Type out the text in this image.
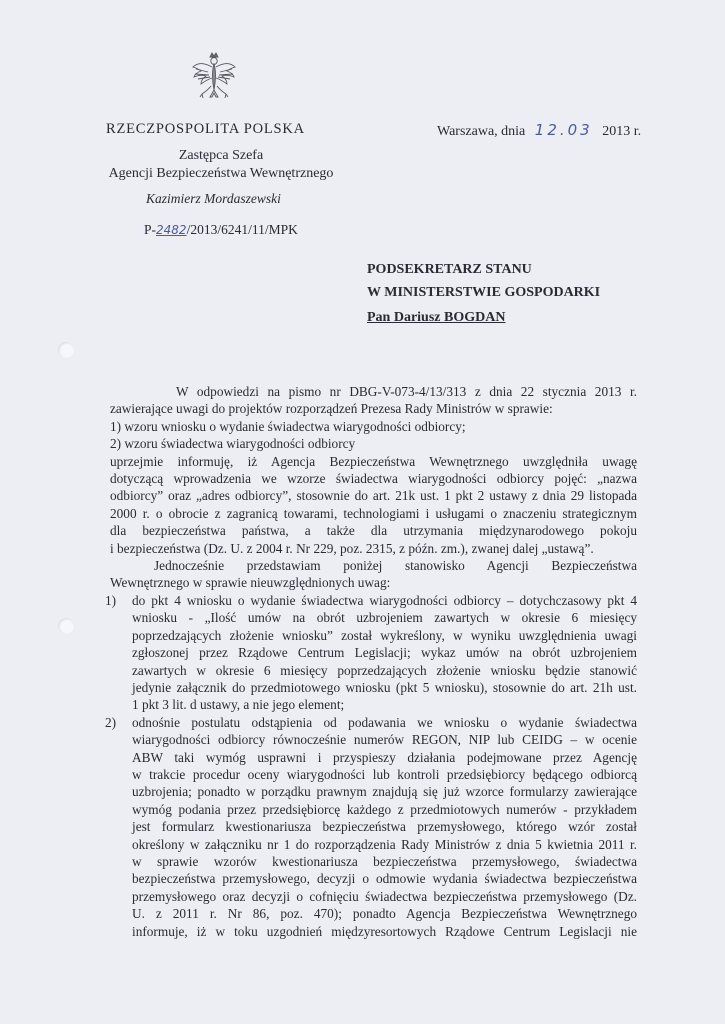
RZECZPOSPOLITA POLSKA	Warszawa, dnia 12.03 2013 r.
Zastępca Szefa
Agencji Bezpieczeństwa Wewnętrznego
Kazimierz Mordaszewski
P-2482/2013/6241/11/MPK
PODSEKRETARZ STANU
W MINISTERSTWIE GOSPODARKI
Pan Dariusz BOGDAN
W odpowiedzi na pismo nr DBG-V-073-4/13/313 z dnia 22 stycznia 2013 r.
zawierające uwagi do projektów rozporządzeń Prezesa Rady Ministrów w sprawie:
1) wzoru wniosku o wydanie świadectwa wiarygodności odbiorcy;
2) wzoru świadectwa wiarygodności odbiorcy
uprzejmie informuję, iż Agencja Bezpieczeństwa Wewnętrznego uwzględniła uwagę
dotyczącą wprowadzenia we wzorze świadectwa wiarygodności odbiorcy pojęć: „nazwa
odbiorcy” oraz „adres odbiorcy”, stosownie do art. 21k ust. 1 pkt 2 ustawy z dnia 29 listopada
2000 r. o obrocie z zagranicą towarami, technologiami i usługami o znaczeniu strategicznym
dla bezpieczeństwa państwa, a także dla utrzymania międzynarodowego pokoju
i bezpieczeństwa (Dz. U. z 2004 r. Nr 229, poz. 2315, z późn. zm.), zwanej dalej „ustawą”.
Jednocześnie przedstawiam poniżej stanowisko Agencji Bezpieczeństwa
Wewnętrznego w sprawie nieuwzględnionych uwag:
1) do pkt 4 wniosku o wydanie świadectwa wiarygodności odbiorcy – dotychczasowy pkt 4
wniosku - „Ilość umów na obrót uzbrojeniem zawartych w okresie 6 miesięcy
poprzedzających złożenie wniosku” został wykreślony, w wyniku uwzględnienia uwagi
zgłoszonej przez Rządowe Centrum Legislacji; wykaz umów na obrót uzbrojeniem
zawartych w okresie 6 miesięcy poprzedzających złożenie wniosku będzie stanowić
jedynie załącznik do przedmiotowego wniosku (pkt 5 wniosku), stosownie do art. 21h ust.
1 pkt 3 lit. d ustawy, a nie jego element;
2) odnośnie postulatu odstąpienia od podawania we wniosku o wydanie świadectwa
wiarygodności odbiorcy równocześnie numerów REGON, NIP lub CEIDG – w ocenie
ABW taki wymóg usprawni i przyspieszy działania podejmowane przez Agencję
w trakcie procedur oceny wiarygodności lub kontroli przedsiębiorcy będącego odbiorcą
uzbrojenia; ponadto w porządku prawnym znajdują się już wzorce formularzy zawierające
wymóg podania przez przedsiębiorcę każdego z przedmiotowych numerów - przykładem
jest formularz kwestionariusza bezpieczeństwa przemysłowego, którego wzór został
określony w załączniku nr 1 do rozporządzenia Rady Ministrów z dnia 5 kwietnia 2011 r.
w sprawie wzorów kwestionariusza bezpieczeństwa przemysłowego, świadectwa
bezpieczeństwa przemysłowego, decyzji o odmowie wydania świadectwa bezpieczeństwa
przemysłowego oraz decyzji o cofnięciu świadectwa bezpieczeństwa przemysłowego (Dz.
U. z 2011 r. Nr 86, poz. 470); ponadto Agencja Bezpieczeństwa Wewnętrznego
informuje, iż w toku uzgodnień międzyresortowych Rządowe Centrum Legislacji nie
